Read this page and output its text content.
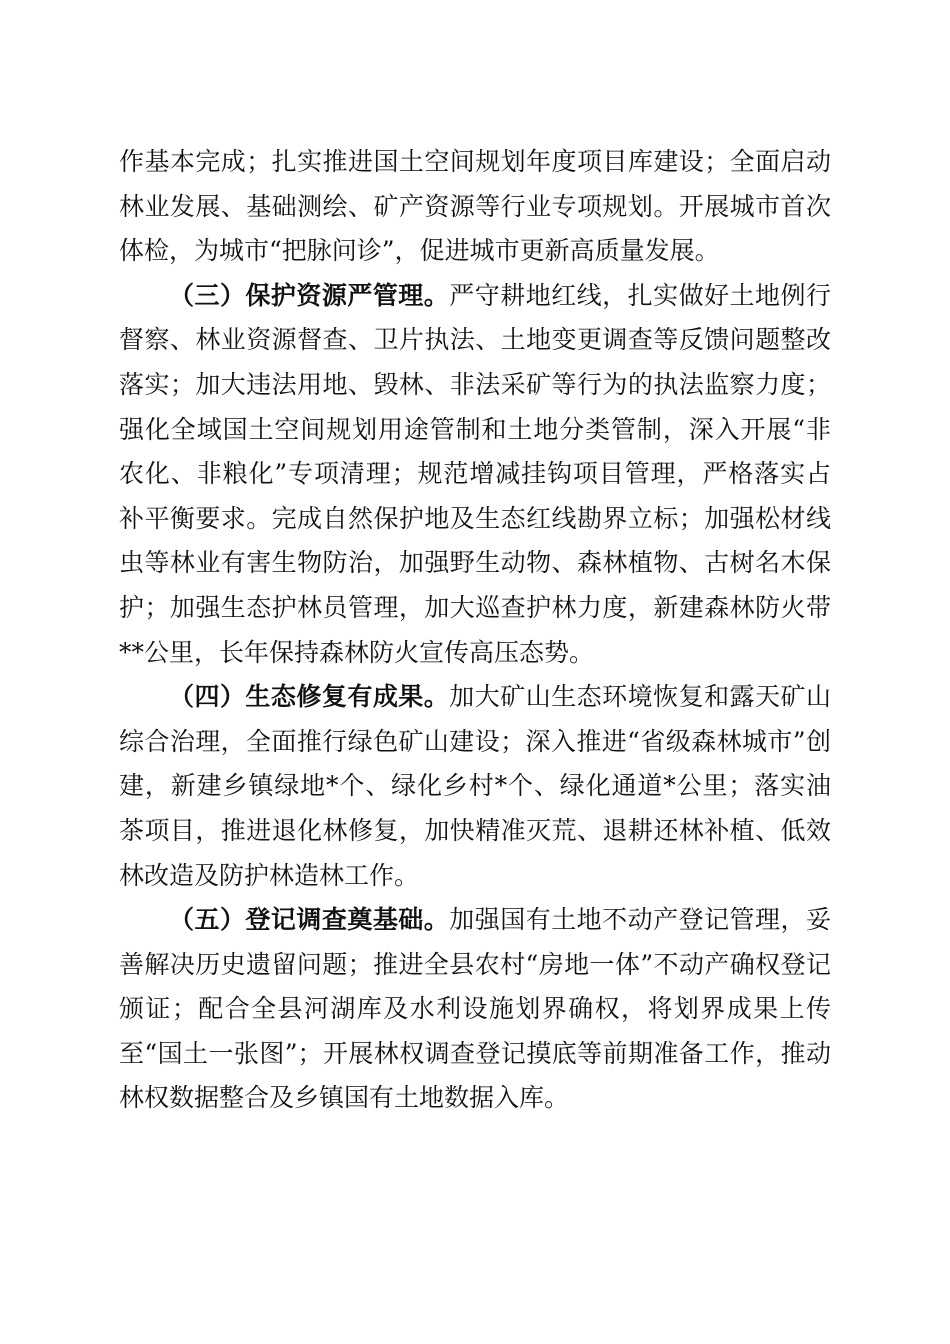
作基本完成；扎实推进国土空间规划年度项目库建设；全面启动林业发展、基础测绘、矿产资源等行业专项规划。开展城市首次体检，为城市“把脉问诊”，促进城市更新高质量发展。

（三）保护资源严管理。严守耕地红线，扎实做好土地例行督察、林业资源督查、卫片执法、土地变更调查等反馈问题整改落实；加大违法用地、毁林、非法采矿等行为的执法监察力度；强化全域国土空间规划用途管制和土地分类管制，深入开展“非农化、非粮化”专项清理；规范增减挂钩项目管理，严格落实占补平衡要求。完成自然保护地及生态红线勘界立标；加强松材线虫等林业有害生物防治，加强野生动物、森林植物、古树名木保护；加强生态护林员管理，加大巡查护林力度，新建森林防火带**公里，长年保持森林防火宣传高压态势。

（四）生态修复有成果。加大矿山生态环境恢复和露天矿山综合治理，全面推行绿色矿山建设；深入推进“省级森林城市”创建，新建乡镇绿地*个、绿化乡村*个、绿化通道*公里；落实油茶项目，推进退化林修复，加快精准灭荒、退耕还林补植、低效林改造及防护林造林工作。

（五）登记调查奠基础。加强国有土地不动产登记管理，妥善解决历史遗留问题；推进全县农村“房地一体”不动产确权登记颁证；配合全县河湖库及水利设施划界确权，将划界成果上传至“国土一张图”；开展林权调查登记摸底等前期准备工作，推动林权数据整合及乡镇国有土地数据入库。
